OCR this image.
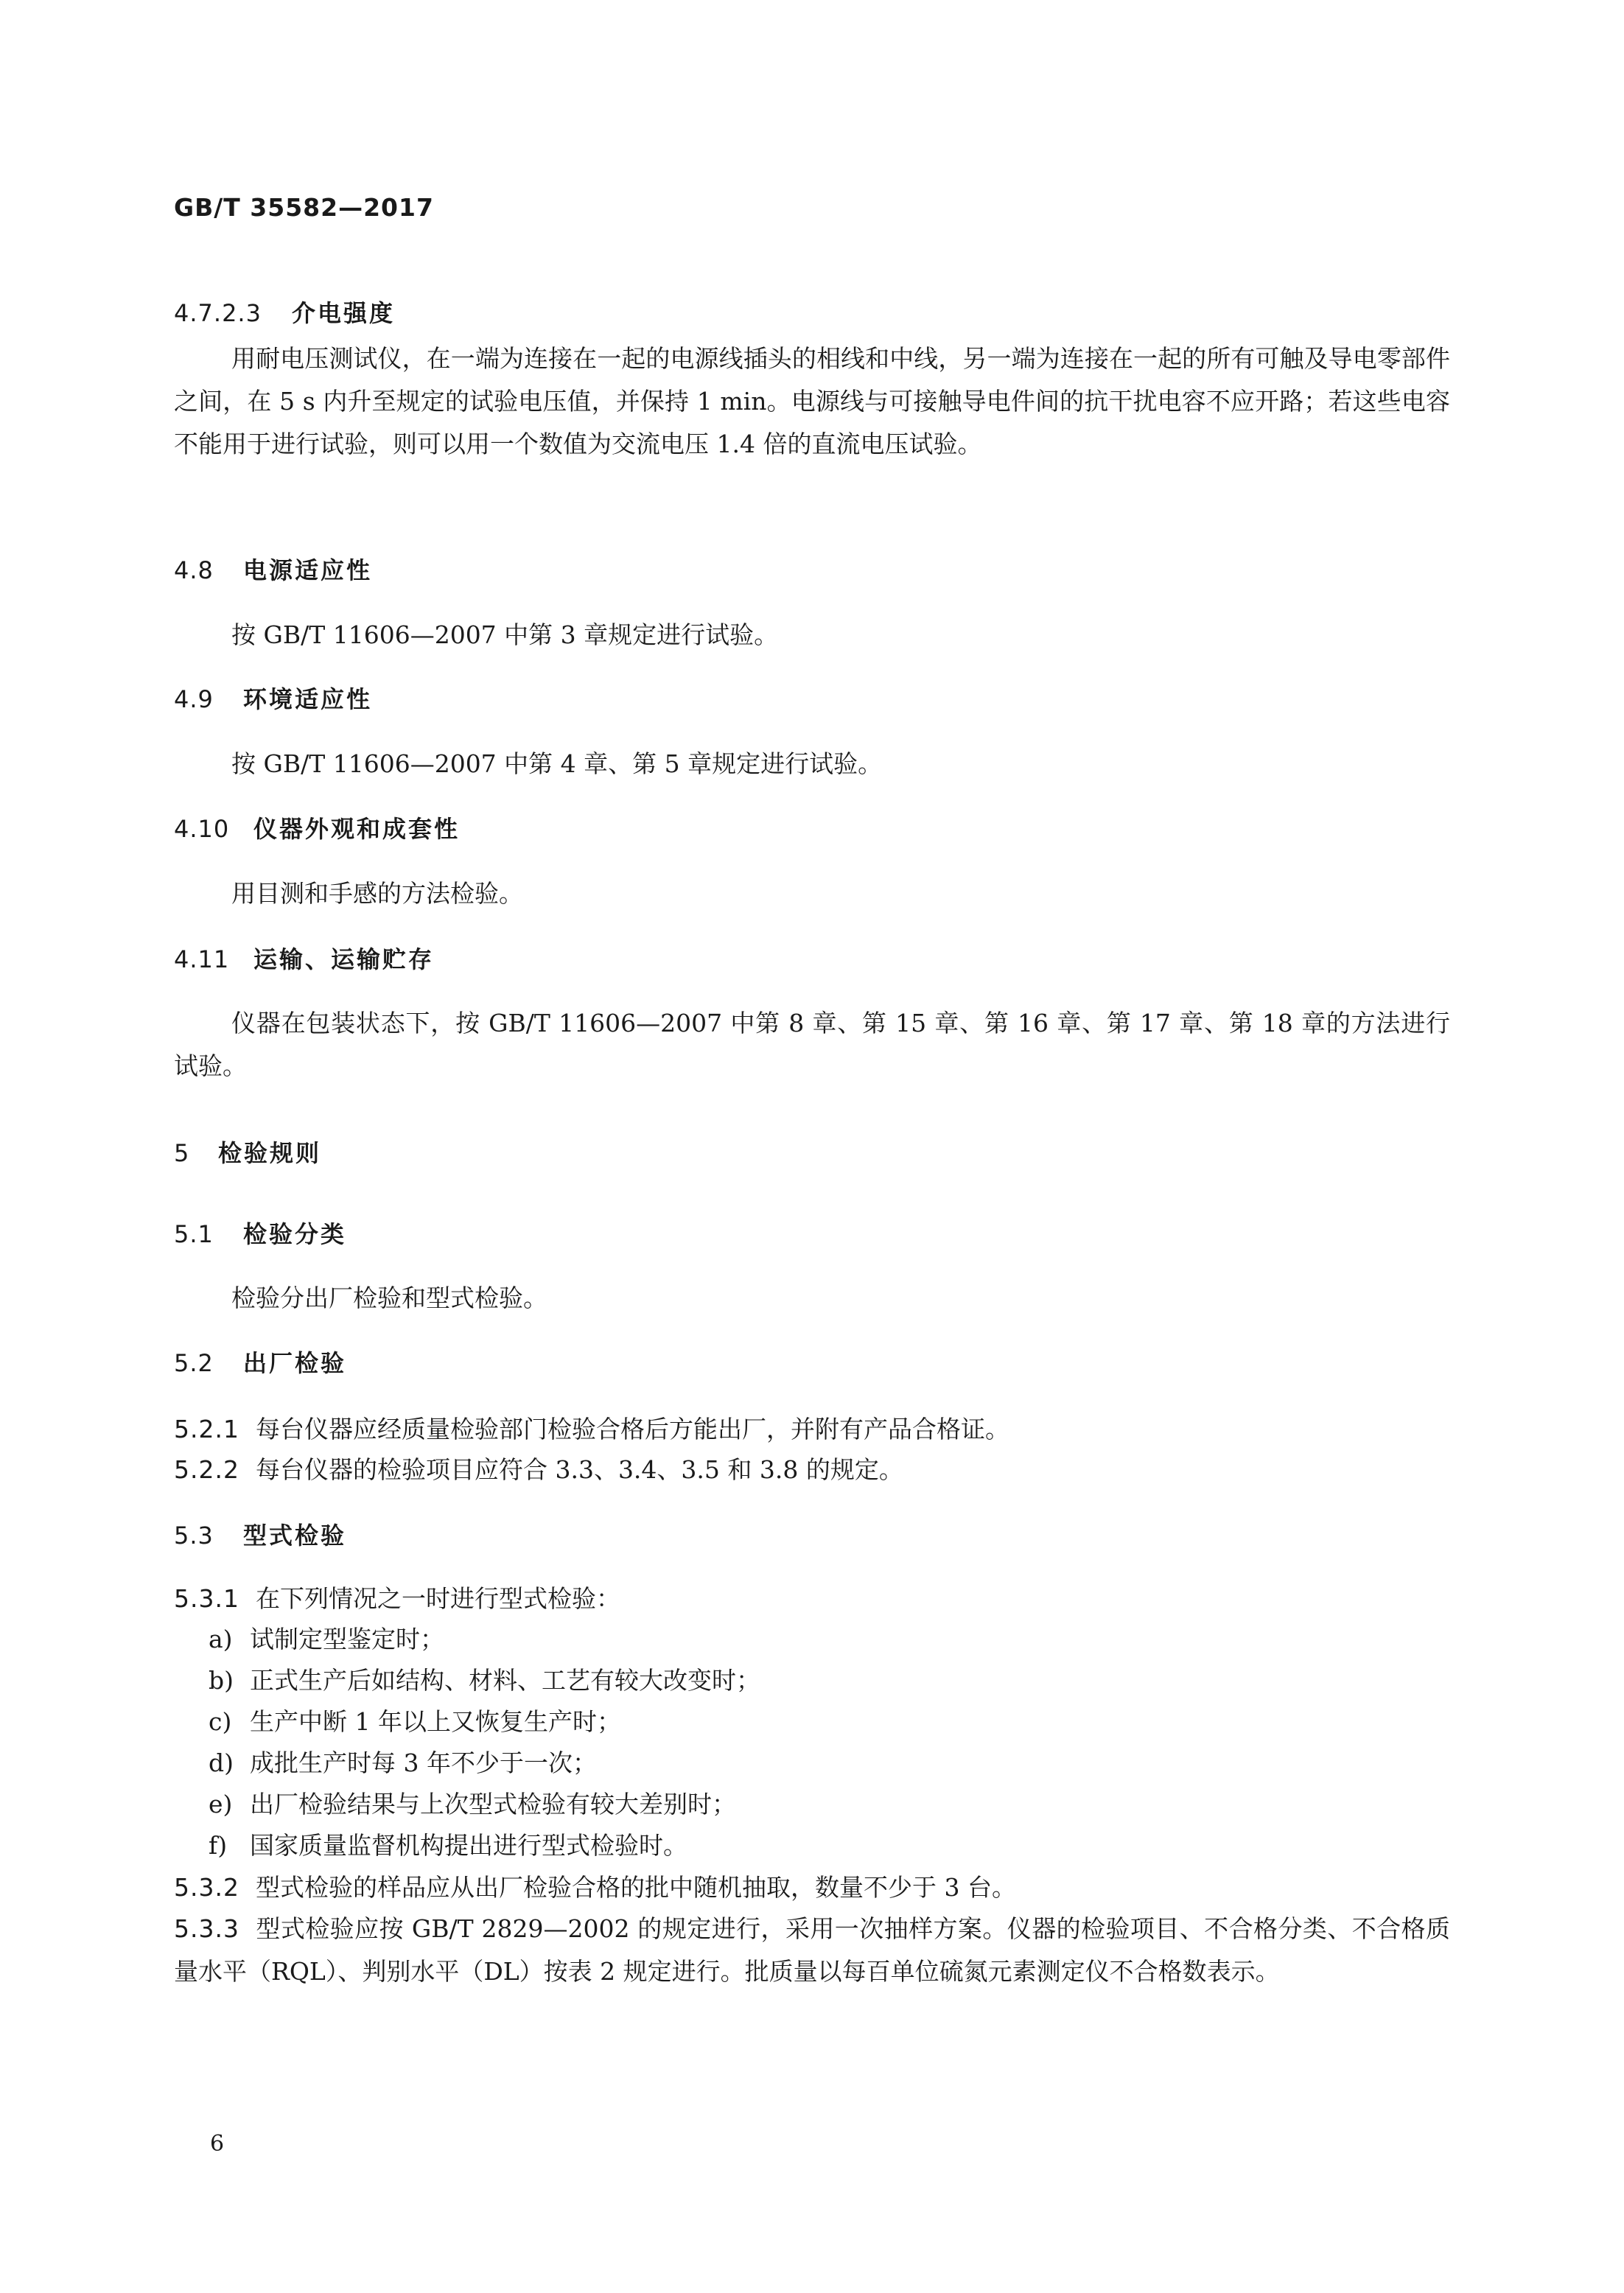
GB/T 35582—2017
4.7.2.3 介电强度
用耐电压测试仪，在一端为连接在一起的电源线插头的相线和中线，另一端为连接在一起的所有可触及导电零部件之间，在 5 s 内升至规定的试验电压值，并保持 1 min。电源线与可接触导电件间的抗干扰电容不应开路；若这些电容不能用于进行试验，则可以用一个数值为交流电压 1.4 倍的直流电压试验。
4.8 电源适应性
按 GB/T 11606—2007 中第 3 章规定进行试验。
4.9 环境适应性
按 GB/T 11606—2007 中第 4 章、第 5 章规定进行试验。
4.10 仪器外观和成套性
用目测和手感的方法检验。
4.11 运输、运输贮存
仪器在包装状态下，按 GB/T 11606—2007 中第 8 章、第 15 章、第 16 章、第 17 章、第 18 章的方法进行试验。
5 检验规则
5.1 检验分类
检验分出厂检验和型式检验。
5.2 出厂检验
5.2.1 每台仪器应经质量检验部门检验合格后方能出厂，并附有产品合格证。
5.2.2 每台仪器的检验项目应符合 3.3、3.4、3.5 和 3.8 的规定。
5.3 型式检验
5.3.1 在下列情况之一时进行型式检验：
a) 试制定型鉴定时；
b) 正式生产后如结构、材料、工艺有较大改变时；
c) 生产中断 1 年以上又恢复生产时；
d) 成批生产时每 3 年不少于一次；
e) 出厂检验结果与上次型式检验有较大差别时；
f) 国家质量监督机构提出进行型式检验时。
5.3.2 型式检验的样品应从出厂检验合格的批中随机抽取，数量不少于 3 台。
5.3.3 型式检验应按 GB/T 2829—2002 的规定进行，采用一次抽样方案。仪器的检验项目、不合格分类、不合格质量水平（RQL）、判别水平（DL）按表 2 规定进行。批质量以每百单位硫氮元素测定仪不合格数表示。
6
